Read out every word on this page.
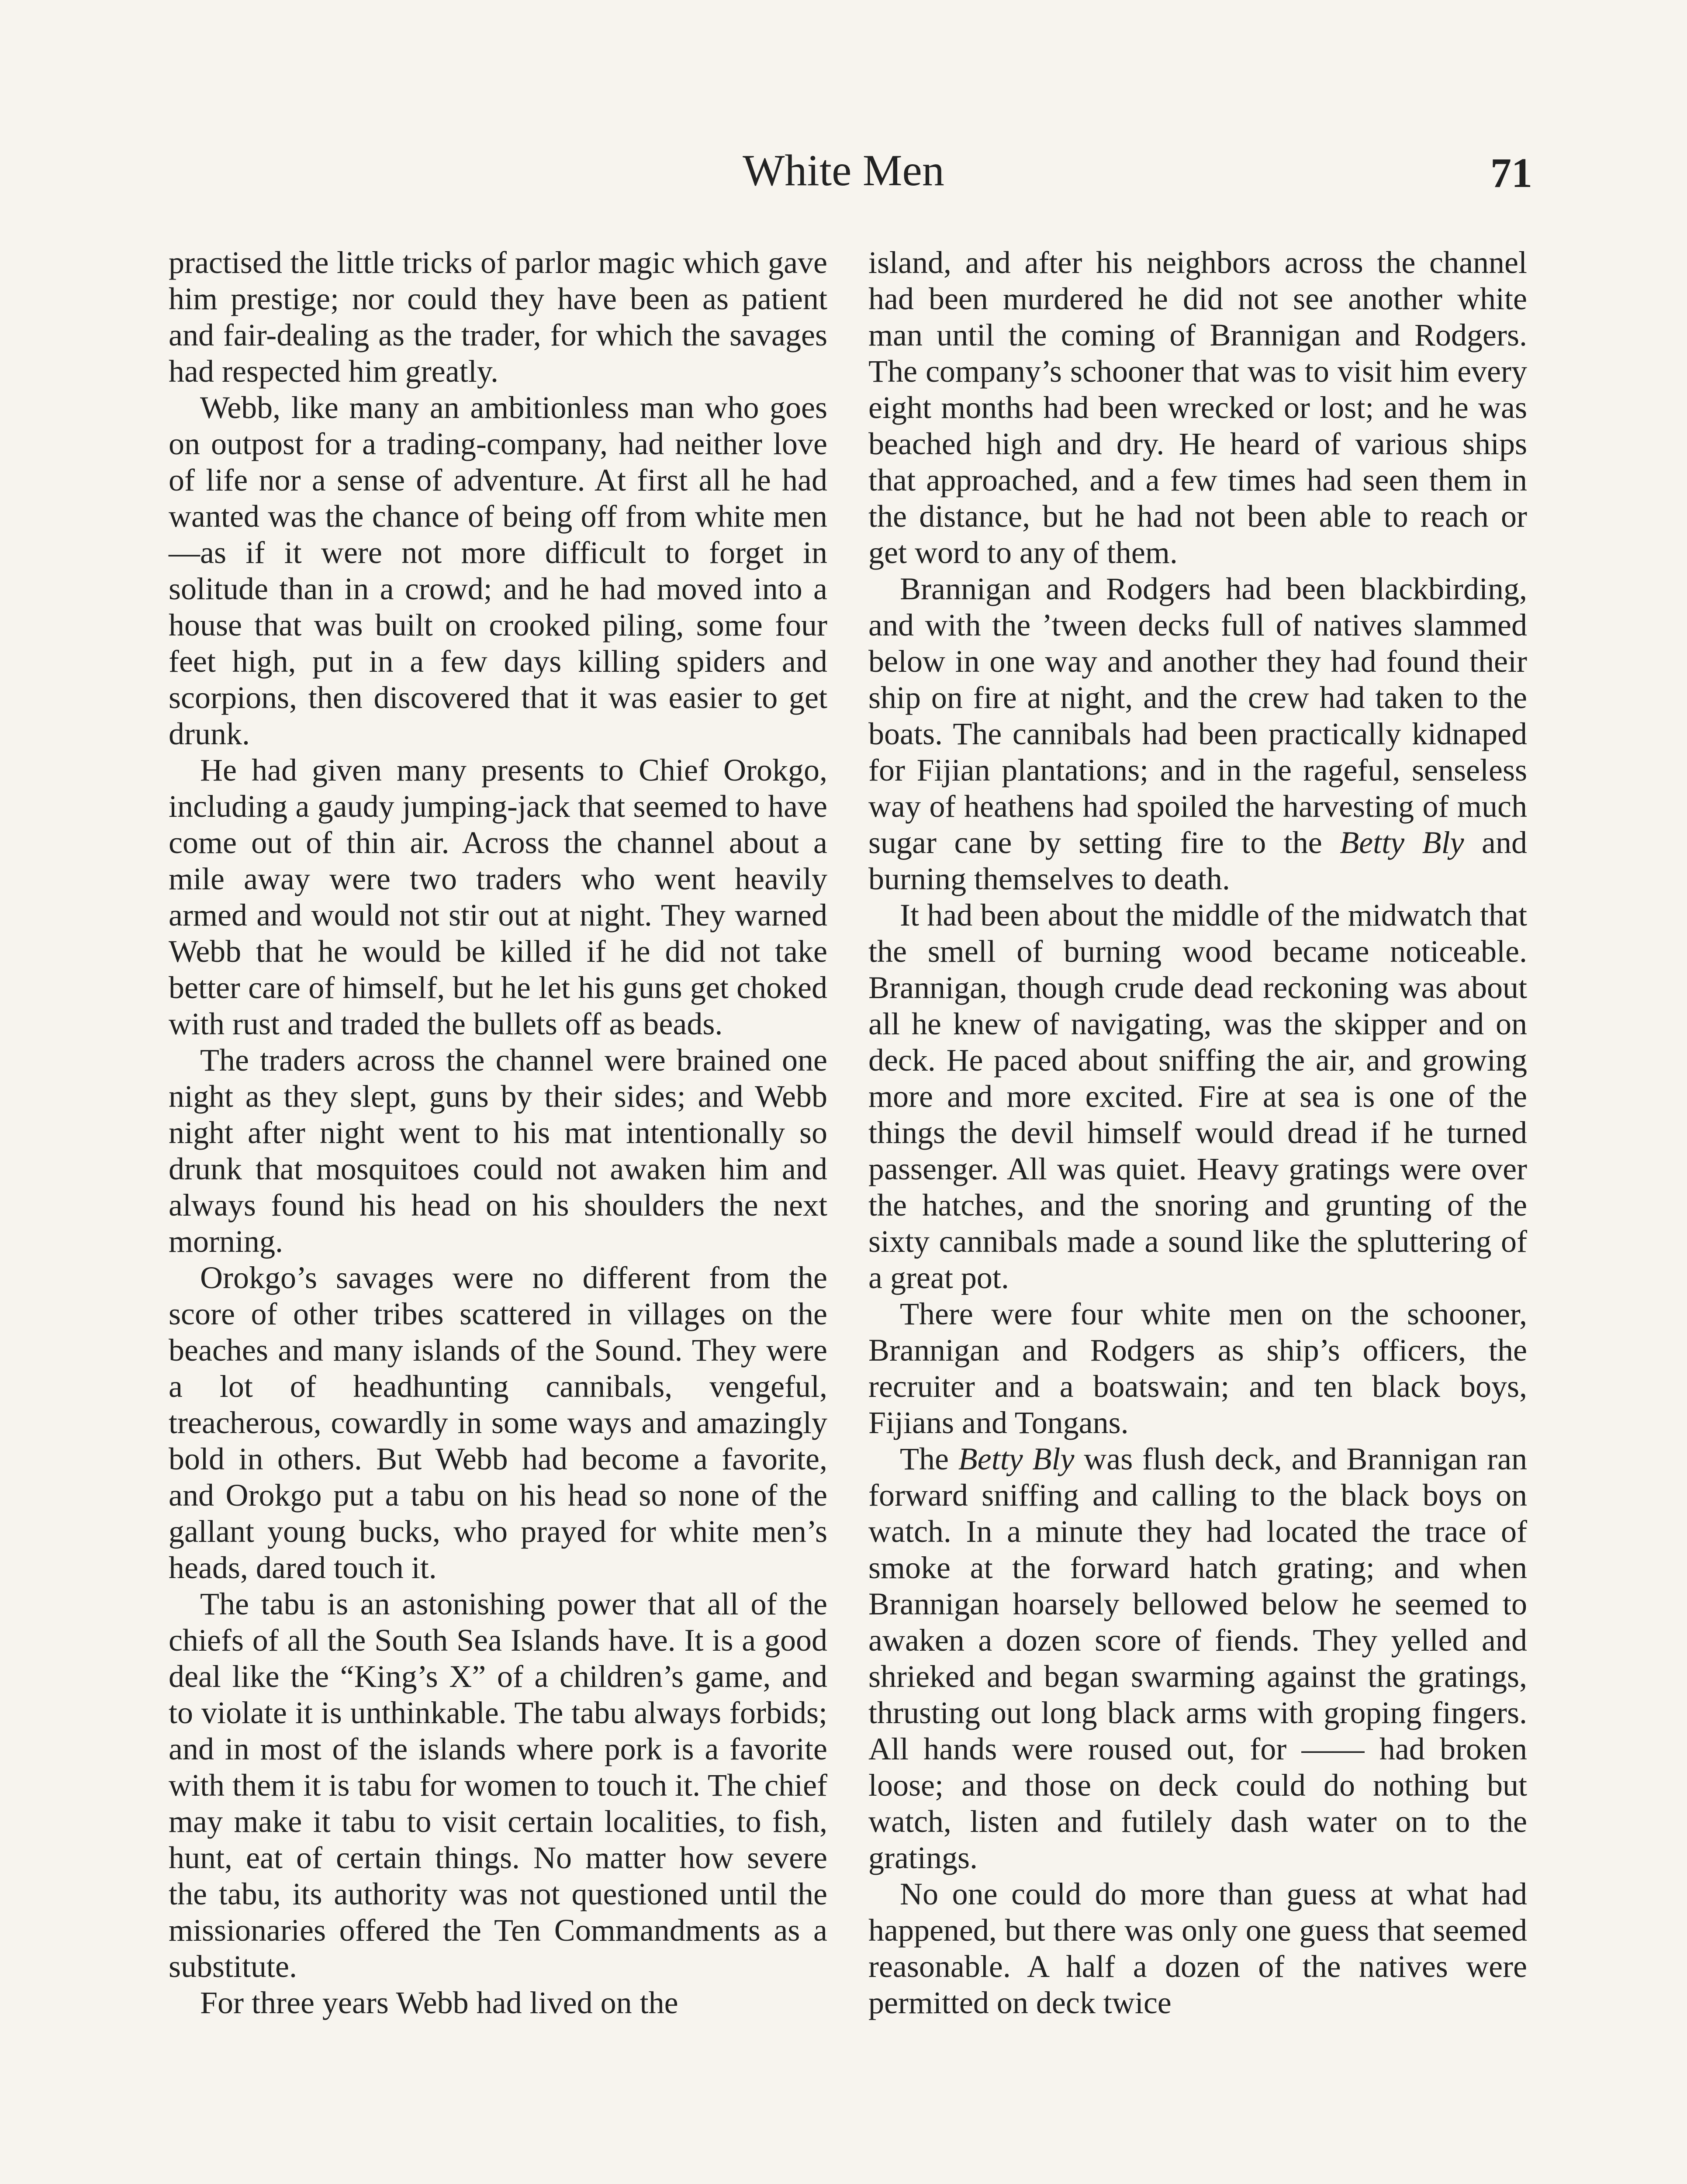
White Men	71

practised the little tricks of parlor magic which gave him prestige; nor could they have been as patient and fair-dealing as the trader, for which the savages had respected him greatly.

Webb, like many an ambitionless man who goes on outpost for a trading-company, had neither love of life nor a sense of adventure. At first all he had wanted was the chance of being off from white men—as if it were not more difficult to forget in solitude than in a crowd; and he had moved into a house that was built on crooked piling, some four feet high, put in a few days killing spiders and scorpions, then discovered that it was easier to get drunk.

He had given many presents to Chief Orokgo, including a gaudy jumping-jack that seemed to have come out of thin air. Across the channel about a mile away were two traders who went heavily armed and would not stir out at night. They warned Webb that he would be killed if he did not take better care of himself, but he let his guns get choked with rust and traded the bullets off as beads.

The traders across the channel were brained one night as they slept, guns by their sides; and Webb night after night went to his mat intentionally so drunk that mosquitoes could not awaken him and always found his head on his shoulders the next morning.

Orokgo’s savages were no different from the score of other tribes scattered in villages on the beaches and many islands of the Sound. They were a lot of headhunting cannibals, vengeful, treacherous, cowardly in some ways and amazingly bold in others. But Webb had become a favorite, and Orokgo put a tabu on his head so none of the gallant young bucks, who prayed for white men’s heads, dared touch it.

The tabu is an astonishing power that all of the chiefs of all the South Sea Islands have. It is a good deal like the “King’s X” of a children’s game, and to violate it is unthinkable. The tabu always forbids; and in most of the islands where pork is a favorite with them it is tabu for women to touch it. The chief may make it tabu to visit certain localities, to fish, hunt, eat of certain things. No matter how severe the tabu, its authority was not questioned until the missionaries offered the Ten Commandments as a substitute.

For three years Webb had lived on the

island, and after his neighbors across the channel had been murdered he did not see another white man until the coming of Brannigan and Rodgers. The company’s schooner that was to visit him every eight months had been wrecked or lost; and he was beached high and dry. He heard of various ships that approached, and a few times had seen them in the distance, but he had not been able to reach or get word to any of them.

Brannigan and Rodgers had been blackbirding, and with the ’tween decks full of natives slammed below in one way and another they had found their ship on fire at night, and the crew had taken to the boats. The cannibals had been practically kidnaped for Fijian plantations; and in the rageful, senseless way of heathens had spoiled the harvesting of much sugar cane by setting fire to the Betty Bly and burning themselves to death.

It had been about the middle of the midwatch that the smell of burning wood became noticeable. Brannigan, though crude dead reckoning was about all he knew of navigating, was the skipper and on deck. He paced about sniffing the air, and growing more and more excited. Fire at sea is one of the things the devil himself would dread if he turned passenger. All was quiet. Heavy gratings were over the hatches, and the snoring and grunting of the sixty cannibals made a sound like the spluttering of a great pot.

There were four white men on the schooner, Brannigan and Rodgers as ship’s officers, the recruiter and a boatswain; and ten black boys, Fijians and Tongans.

The Betty Bly was flush deck, and Brannigan ran forward sniffing and calling to the black boys on watch. In a minute they had located the trace of smoke at the forward hatch grating; and when Brannigan hoarsely bellowed below he seemed to awaken a dozen score of fiends. They yelled and shrieked and began swarming against the gratings, thrusting out long black arms with groping fingers. All hands were roused out, for —— had broken loose; and those on deck could do nothing but watch, listen and futilely dash water on to the gratings.

No one could do more than guess at what had happened, but there was only one guess that seemed reasonable. A half a dozen of the natives were permitted on deck twice
